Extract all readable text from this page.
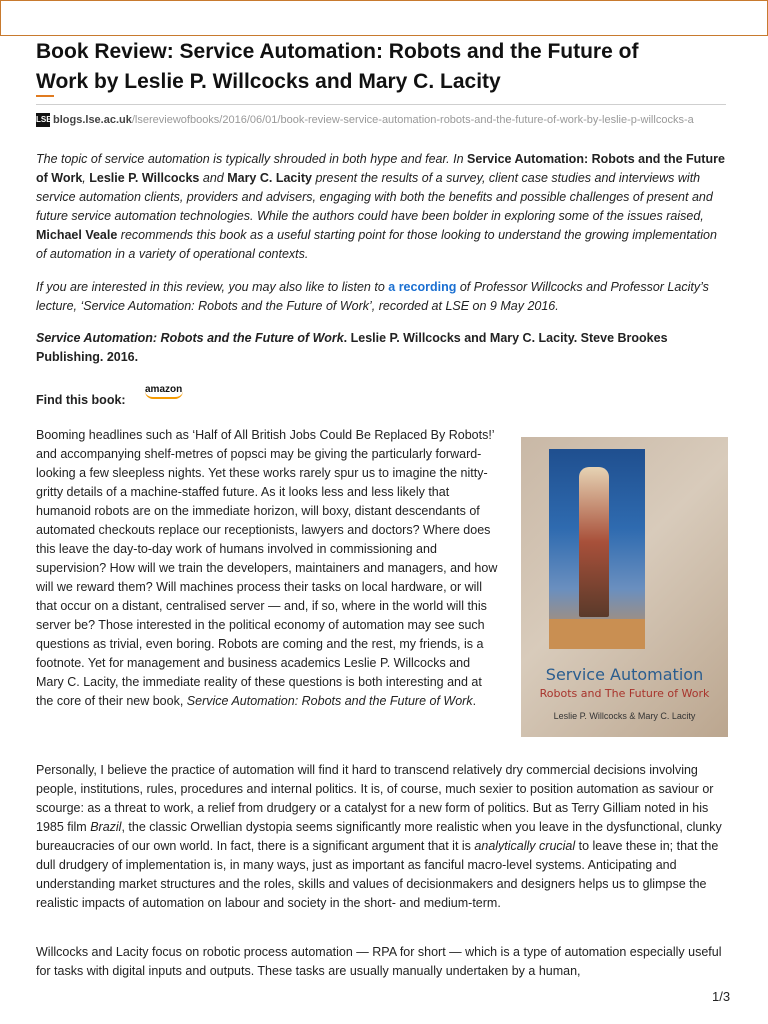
Book Review: Service Automation: Robots and the Future of
Work by Leslie P. Willcocks and Mary C. Lacity
LSEblogs.lse.ac.uk/lsereviewofbooks/2016/06/01/book-review-service-automation-robots-and-the-future-of-work-by-leslie-p-willcocks-a

The topic of service automation is typically shrouded in both hype and fear. In Service Automation: Robots and the Future of Work, Leslie P. Willcocks and Mary C. Lacity present the results of a survey, client case studies and interviews with service automation clients, providers and advisers, engaging with both the benefits and possible challenges of present and future service automation technologies. While the authors could have been bolder in exploring some of the issues raised, Michael Veale recommends this book as a useful starting point for those looking to understand the growing implementation of automation in a variety of operational contexts.

If you are interested in this review, you may also like to listen to a recording of Professor Willcocks and Professor Lacity’s lecture, ‘Service Automation: Robots and the Future of Work’, recorded at LSE on 9 May 2016.

Service Automation: Robots and the Future of Work. Leslie P. Willcocks and Mary C. Lacity. Steve Brookes Publishing. 2016.

Find this book:
amazon

Booming headlines such as ‘Half of All British Jobs Could Be Replaced By Robots!’ and accompanying shelf-metres of popsci may be giving the particularly forward-looking a few sleepless nights. Yet these works rarely spur us to imagine the nitty-gritty details of a machine-staffed future. As it looks less and less likely that humanoid robots are on the immediate horizon, will boxy, distant descendants of automated checkouts replace our receptionists, lawyers and doctors? Where does this leave the day-to-day work of humans involved in commissioning and supervision? How will we train the developers, maintainers and managers, and how will we reward them? Will machines process their tasks on local hardware, or will that occur on a distant, centralised server — and, if so, where in the world will this server be? Those interested in the political economy of automation may see such questions as trivial, even boring. Robots are coming and the rest, my friends, is a footnote. Yet for management and business academics Leslie P. Willcocks and Mary C. Lacity, the immediate reality of these questions is both interesting and at the core of their new book, Service Automation: Robots and the Future of Work.

Service Automation
Robots and The Future of Work
Leslie P. Willcocks & Mary C. Lacity

Personally, I believe the practice of automation will find it hard to transcend relatively dry commercial decisions involving people, institutions, rules, procedures and internal politics. It is, of course, much sexier to position automation as saviour or scourge: as a threat to work, a relief from drudgery or a catalyst for a new form of politics. But as Terry Gilliam noted in his 1985 film Brazil, the classic Orwellian dystopia seems significantly more realistic when you leave in the dysfunctional, clunky bureaucracies of our own world. In fact, there is a significant argument that it is analytically crucial to leave these in; that the dull drudgery of implementation is, in many ways, just as important as fanciful macro-level systems. Anticipating and understanding market structures and the roles, skills and values of decisionmakers and designers helps us to glimpse the realistic impacts of automation on labour and society in the short- and medium-term.

Willcocks and Lacity focus on robotic process automation — RPA for short — which is a type of automation especially useful for tasks with digital inputs and outputs. These tasks are usually manually undertaken by a human,

1/3
